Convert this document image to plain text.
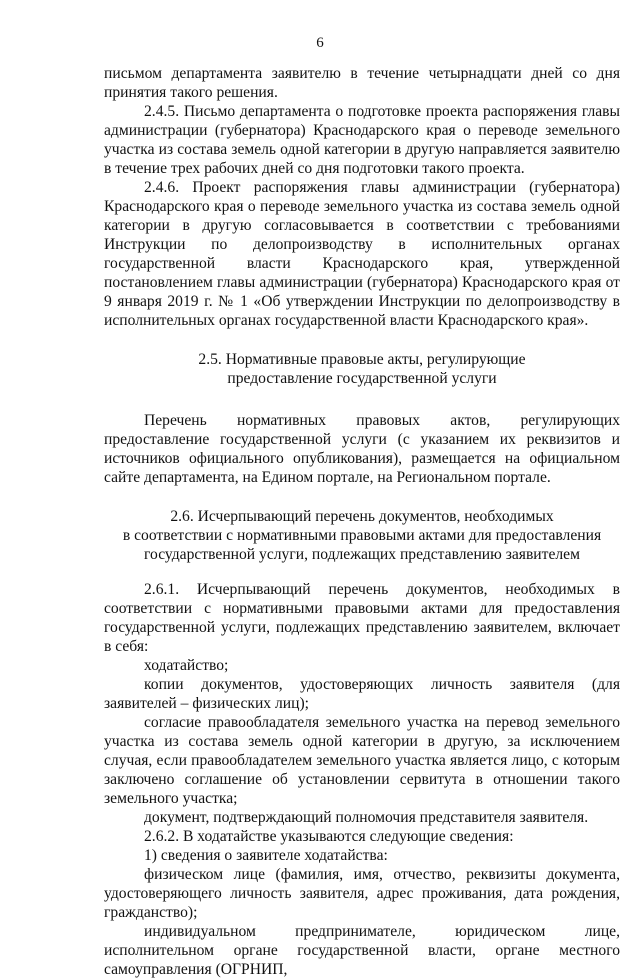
6

письмом департамента заявителю в течение четырнадцати дней со дня принятия такого решения.

2.4.5. Письмо департамента о подготовке проекта распоряжения главы администрации (губернатора) Краснодарского края о переводе земельного участка из состава земель одной категории в другую направляется заявителю в течение трех рабочих дней со дня подготовки такого проекта.

2.4.6. Проект распоряжения главы администрации (губернатора) Краснодарского края о переводе земельного участка из состава земель одной категории в другую согласовывается в соответствии с требованиями Инструкции по делопроизводству в исполнительных органах государственной власти Краснодарского края, утвержденной постановлением главы администрации (губернатора) Краснодарского края от 9 января 2019 г. № 1 «Об утверждении Инструкции по делопроизводству в исполнительных органах государственной власти Краснодарского края».

2.5. Нормативные правовые акты, регулирующие

предоставление государственной услуги

Перечень нормативных правовых актов, регулирующих предоставление государственной услуги (с указанием их реквизитов и источников официального опубликования), размещается на официальном сайте департамента, на Едином портале, на Региональном портале.

2.6. Исчерпывающий перечень документов, необходимых

в соответствии с нормативными правовыми актами для предоставления

государственной услуги, подлежащих представлению заявителем

2.6.1. Исчерпывающий перечень документов, необходимых в соответствии с нормативными правовыми актами для предоставления государственной услуги, подлежащих представлению заявителем, включает в себя:

ходатайство;

копии документов, удостоверяющих личность заявителя (для заявителей – физических лиц);

согласие правообладателя земельного участка на перевод земельного участка из состава земель одной категории в другую, за исключением случая, если правообладателем земельного участка является лицо, с которым заключено соглашение об установлении сервитута в отношении такого земельного участка;

документ, подтверждающий полномочия представителя заявителя.

2.6.2. В ходатайстве указываются следующие сведения:

1) сведения о заявителе ходатайства:

физическом лице (фамилия, имя, отчество, реквизиты документа, удостоверяющего личность заявителя, адрес проживания, дата рождения, гражданство);

индивидуальном предпринимателе, юридическом лице, исполнительном органе государственной власти, органе местного самоуправления (ОГРНИП,
